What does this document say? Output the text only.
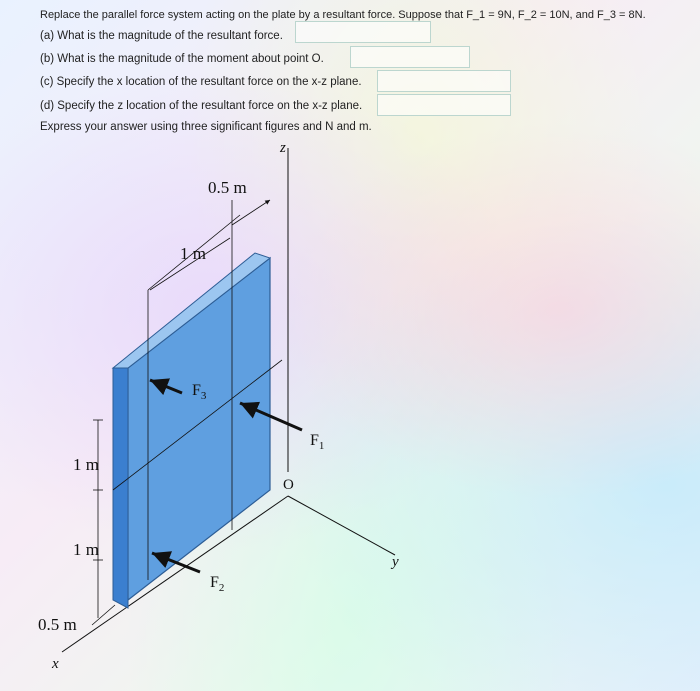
Replace the parallel force system acting on the plate by a resultant force. Suppose that F_1 = 9N, F_2 = 10N, and F_3 = 8N.
(a) What is the magnitude of the resultant force.
(b) What is the magnitude of the moment about point O.
(c) Specify the x location of the resultant force on the x-z plane.
(d) Specify the z location of the resultant force on the x-z plane.
Express your answer using three significant figures and N and m.
z
x
y
O
0.5 m
1 m
1 m
1 m
0.5 m
$F_3$
$F_1$
$F_2$
